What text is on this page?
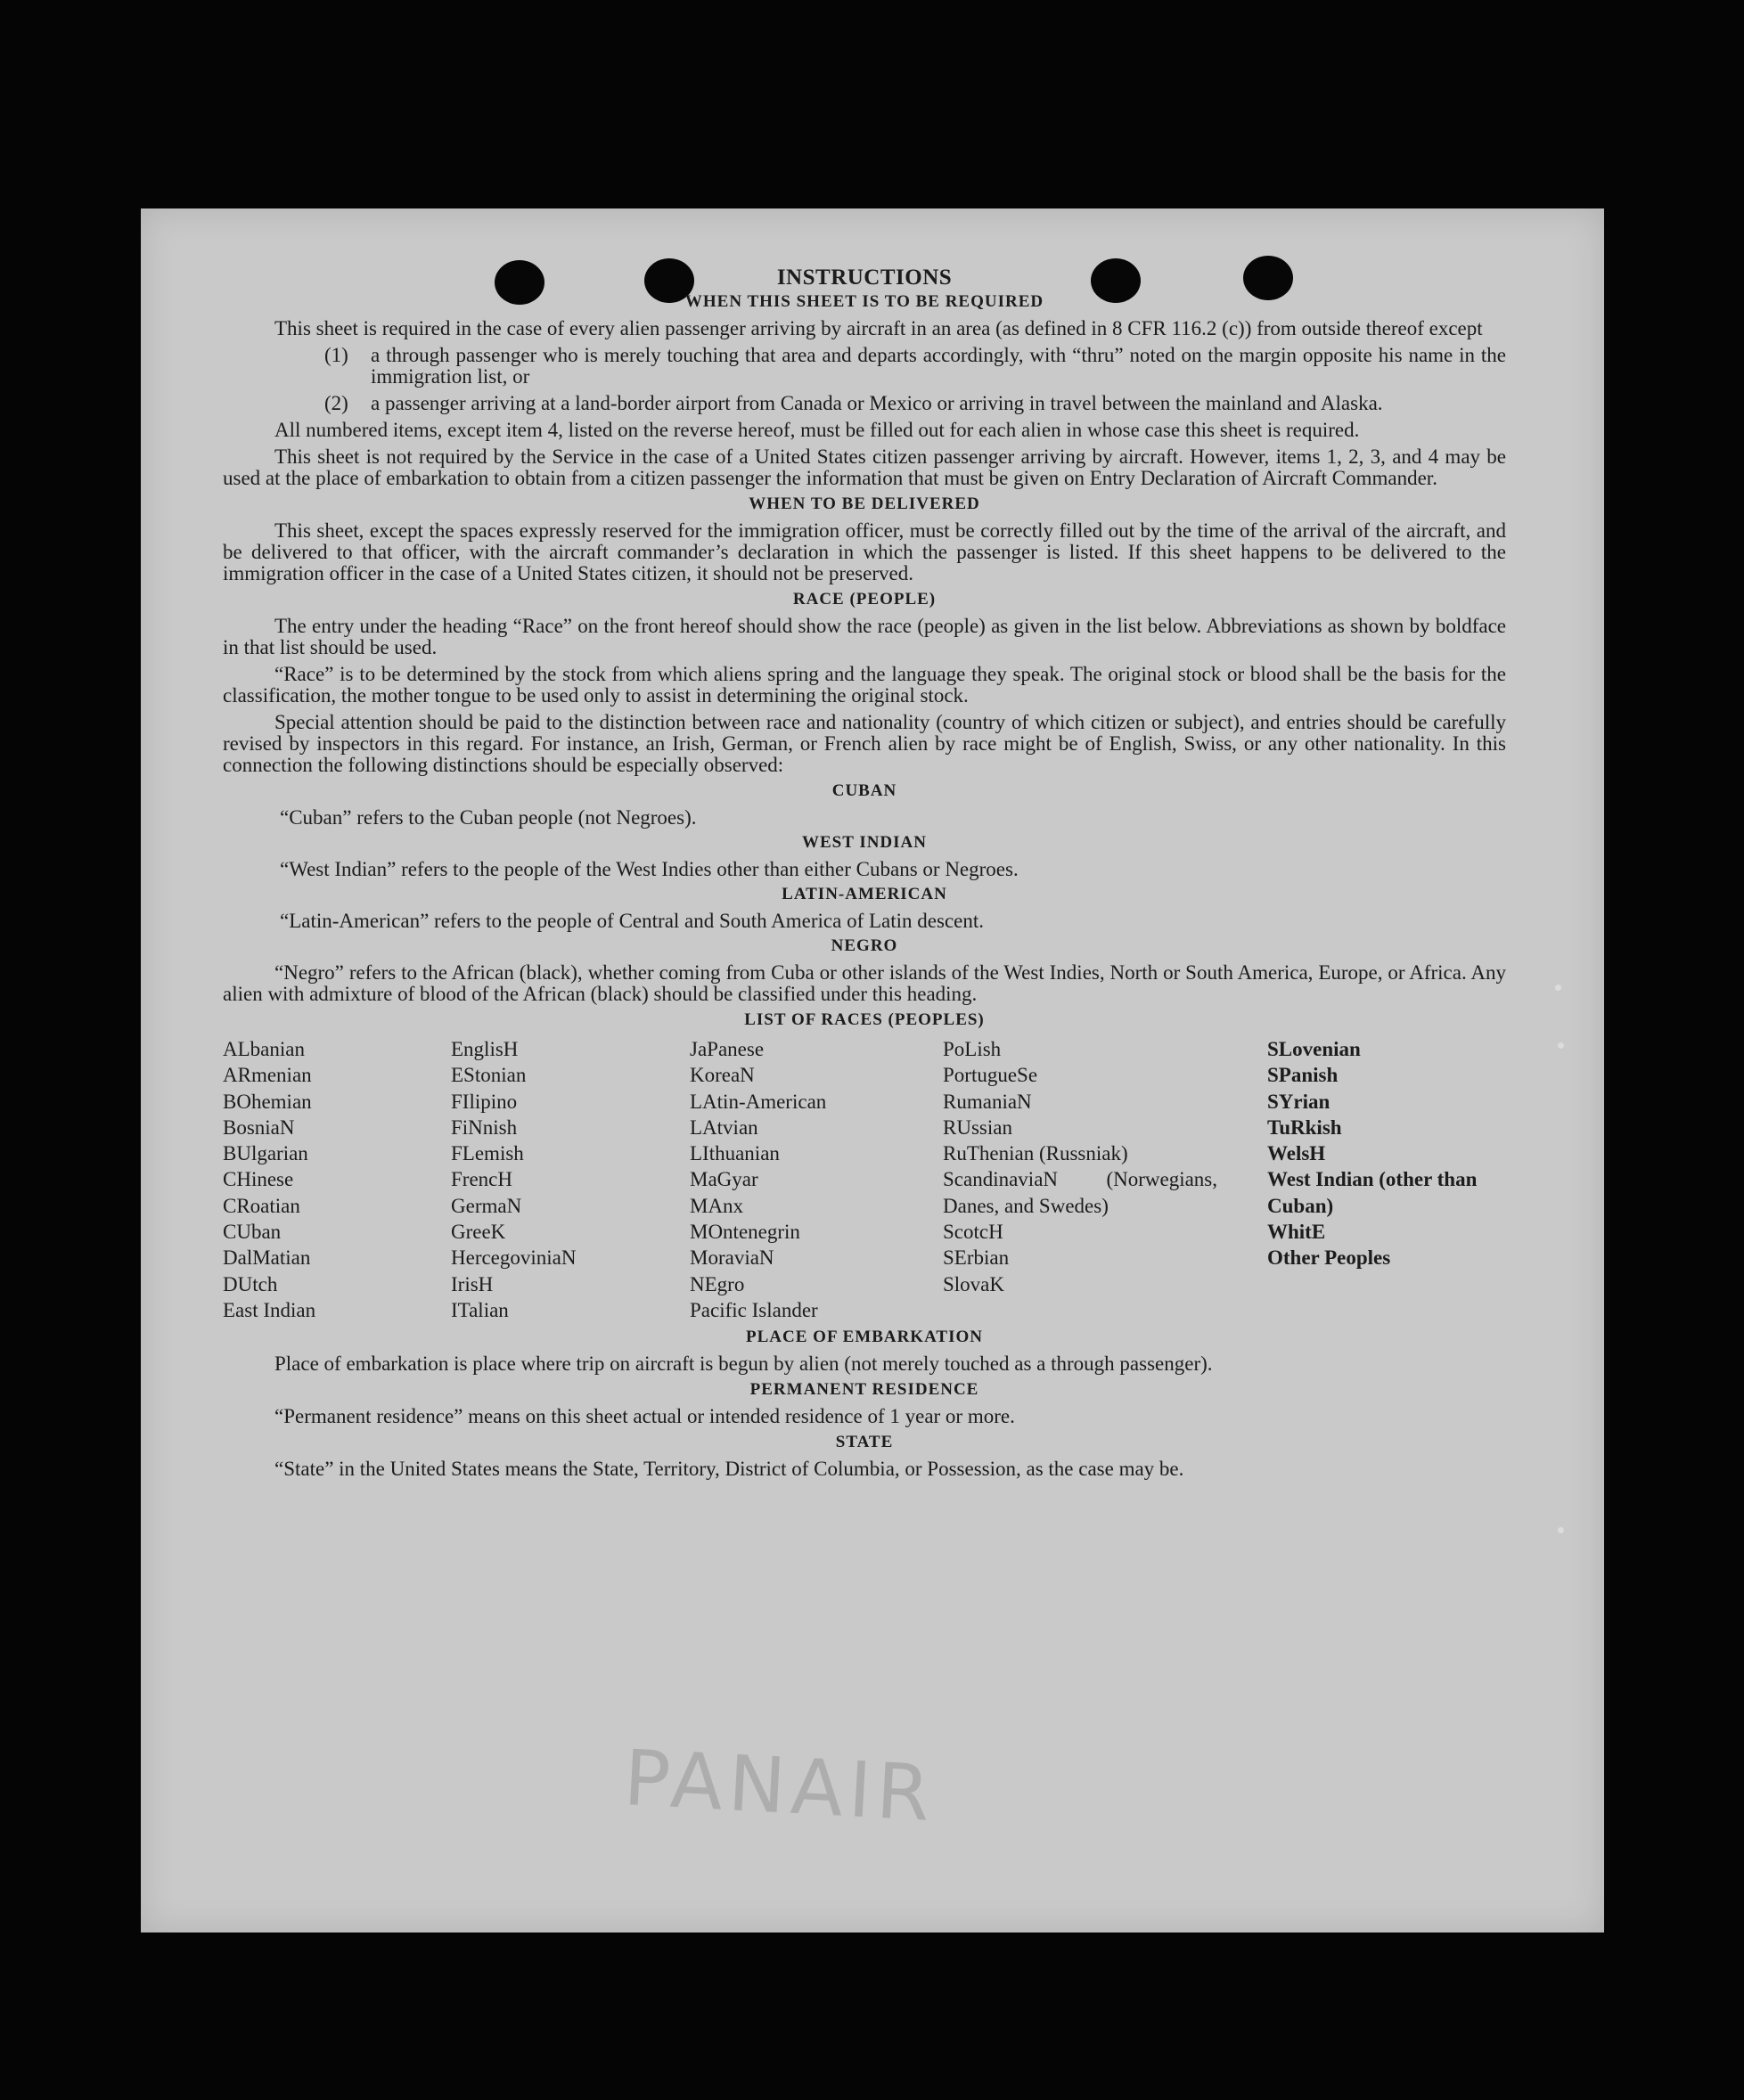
INSTRUCTIONS
WHEN THIS SHEET IS TO BE REQUIRED

This sheet is required in the case of every alien passenger arriving by aircraft in an area (as defined in 8 CFR 116.2 (c)) from outside thereof except

(1)	a through passenger who is merely touching that area and departs accordingly, with “thru” noted on the margin opposite his name in the immigration list, or
(2)	a passenger arriving at a land-border airport from Canada or Mexico or arriving in travel between the mainland and Alaska.

All numbered items, except item 4, listed on the reverse hereof, must be filled out for each alien in whose case this sheet is required.

This sheet is not required by the Service in the case of a United States citizen passenger arriving by aircraft. However, items 1, 2, 3, and 4 may be used at the place of embarkation to obtain from a citizen passenger the information that must be given on Entry Declaration of Aircraft Commander.

WHEN TO BE DELIVERED

This sheet, except the spaces expressly reserved for the immigration officer, must be correctly filled out by the time of the arrival of the aircraft, and be delivered to that officer, with the aircraft commander’s declaration in which the passenger is listed. If this sheet happens to be delivered to the immigration officer in the case of a United States citizen, it should not be preserved.

RACE (PEOPLE)

The entry under the heading “Race” on the front hereof should show the race (people) as given in the list below. Abbreviations as shown by boldface in that list should be used.

“Race” is to be determined by the stock from which aliens spring and the language they speak. The original stock or blood shall be the basis for the classification, the mother tongue to be used only to assist in determining the original stock.

Special attention should be paid to the distinction between race and nationality (country of which citizen or subject), and entries should be carefully revised by inspectors in this regard. For instance, an Irish, German, or French alien by race might be of English, Swiss, or any other nationality. In this connection the following distinctions should be especially observed:

CUBAN

“Cuban” refers to the Cuban people (not Negroes).

WEST INDIAN

“West Indian” refers to the people of the West Indies other than either Cubans or Negroes.

LATIN-AMERICAN

“Latin-American” refers to the people of Central and South America of Latin descent.

NEGRO

“Negro” refers to the African (black), whether coming from Cuba or other islands of the West Indies, North or South America, Europe, or Africa. Any alien with admixture of blood of the African (black) should be classified under this heading.

LIST OF RACES (PEOPLES)
ALbanian
ARmenian
BOhemian
BosniaN
BUlgarian
CHinese
CRoatian
CUban
DalMatian
DUtch
East Indian
EnglisH
EStonian
FIlipino
FiNnish
FLemish
FrencH
GermaN
GreeK
HercegoviniaN
IrisH
ITalian
JaPanese
KoreaN
LAtin-American
LAtvian
LIthuanian
MaGyar
MAnx
MOntenegrin
MoraviaN
NEgro
Pacific Islander
PoLish
PortugueSe
RumaniaN
RUssian
RuThenian (Russniak)
ScandinaviaN (Norwegians, Danes, and Swedes)
ScotcH
SErbian
SlovaK
SLovenian
SPanish
SYrian
TuRkish
WelsH
West Indian (other than Cuban)
WhitE
Other Peoples
PLACE OF EMBARKATION

Place of embarkation is place where trip on aircraft is begun by alien (not merely touched as a through passenger).

PERMANENT RESIDENCE

“Permanent residence” means on this sheet actual or intended residence of 1 year or more.

STATE

“State” in the United States means the State, Territory, District of Columbia, or Possession, as the case may be.

PANAIR
